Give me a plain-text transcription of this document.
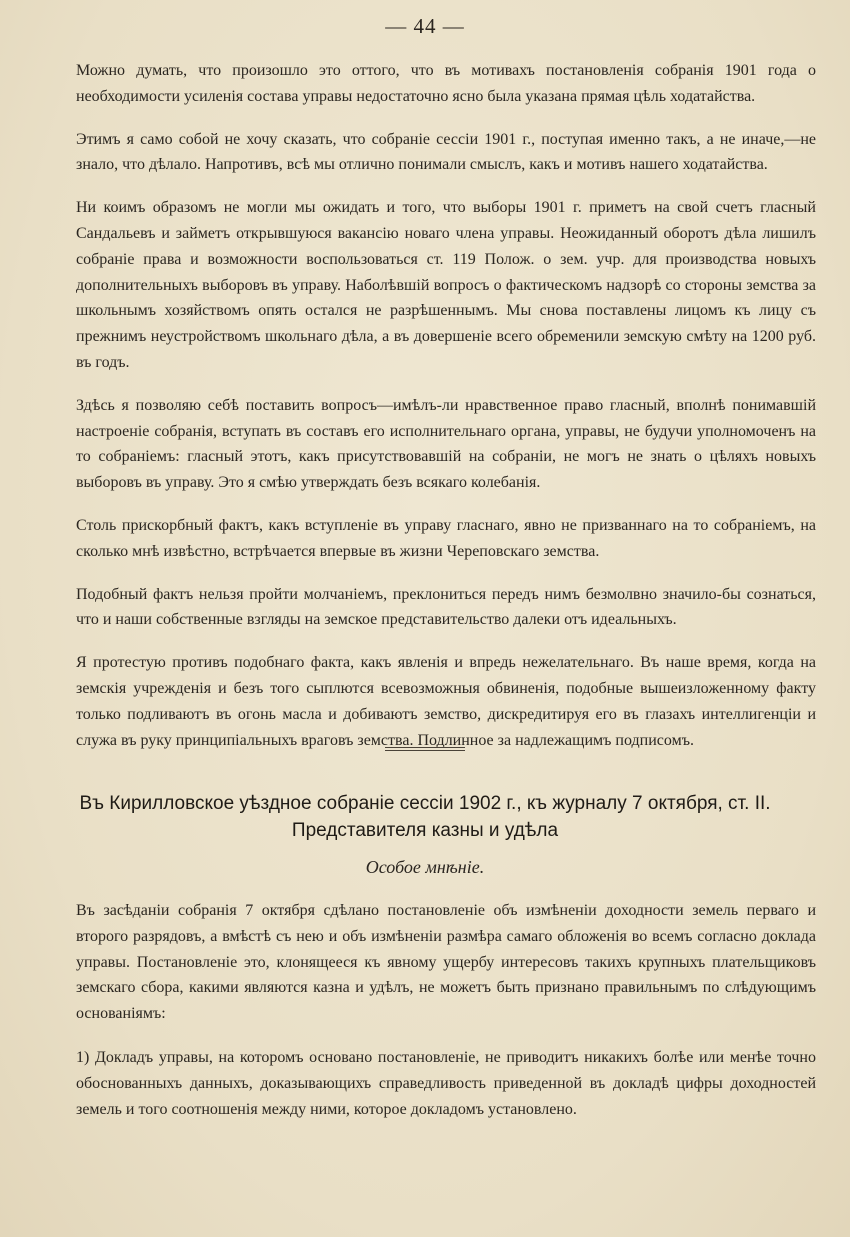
— 44 —

Можно думать, что произошло это оттого, что въ мотивахъ постановленія собранія 1901 года о необходимости усиленія состава управы недостаточно ясно была указана прямая цѣль ходатайства.

Этимъ я само собой не хочу сказать, что собраніе сессіи 1901 г., поступая именно такъ, а не иначе,—не знало, что дѣлало. Напротивъ, всѣ мы отлично понимали смыслъ, какъ и мотивъ нашего ходатайства.

Ни коимъ образомъ не могли мы ожидать и того, что выборы 1901 г. приметъ на свой счетъ гласный Сандальевъ и займетъ открывшуюся вакансію новаго члена управы. Неожиданный оборотъ дѣла лишилъ собраніе права и возможности воспользоваться ст. 119 Полож. о зем. учр. для производства новыхъ дополнительныхъ выборовъ въ управу. Наболѣвшій вопросъ о фактическомъ надзорѣ со стороны земства за школьнымъ хозяйствомъ опять остался не разрѣшеннымъ. Мы снова поставлены лицомъ къ лицу съ прежнимъ неустройствомъ школьнаго дѣла, а въ довершеніе всего обременили земскую смѣту на 1200 руб. въ годъ.

Здѣсь я позволяю себѣ поставить вопросъ—имѣлъ-ли нравственное право гласный, вполнѣ понимавшій настроеніе собранія, вступать въ составъ его исполнительнаго органа, управы, не будучи уполномоченъ на то собраніемъ: гласный этотъ, какъ присутствовавшій на собраніи, не могъ не знать о цѣляхъ новыхъ выборовъ въ управу. Это я смѣю утверждать безъ всякаго колебанія.

Столь прискорбный фактъ, какъ вступленіе въ управу гласнаго, явно не призваннаго на то собраніемъ, на сколько мнѣ извѣстно, встрѣчается впервые въ жизни Череповскаго земства.

Подобный фактъ нельзя пройти молчаніемъ, преклониться передъ нимъ безмолвно значило-бы сознаться, что и наши собственные взгляды на земское представительство далеки отъ идеальныхъ.

Я протестую противъ подобнаго факта, какъ явленія и впредь нежелательнаго. Въ наше время, когда на земскія учрежденія и безъ того сыплются всевозможныя обвиненія, подобные вышеизложенному факту только подливаютъ въ огонь масла и добиваютъ земство, дискредитируя его въ глазахъ интеллигенціи и служа въ руку принципіальныхъ враговъ земства. Подлинное за надлежащимъ подписомъ.

Въ Кирилловское уѣздное собраніе сессіи 1902 г., къ журналу 7 октября, ст. II. Представителя казны и удѣла
Особое мнѣніе.

Въ засѣданіи собранія 7 октября сдѣлано постановленіе объ измѣненіи доходности земель перваго и второго разрядовъ, а вмѣстѣ съ нею и объ измѣненіи размѣра самаго обложенія во всемъ согласно доклада управы. Постановленіе это, клонящееся къ явному ущербу интересовъ такихъ крупныхъ плательщиковъ земскаго сбора, какими являются казна и удѣлъ, не можетъ быть признано правильнымъ по слѣдующимъ основаніямъ:

1) Докладъ управы, на которомъ основано постановленіе, не приводитъ никакихъ болѣе или менѣе точно обоснованныхъ данныхъ, доказывающихъ справедливость приведенной въ докладѣ цифры доходностей земель и того соотношенія между ними, которое докладомъ установлено.
